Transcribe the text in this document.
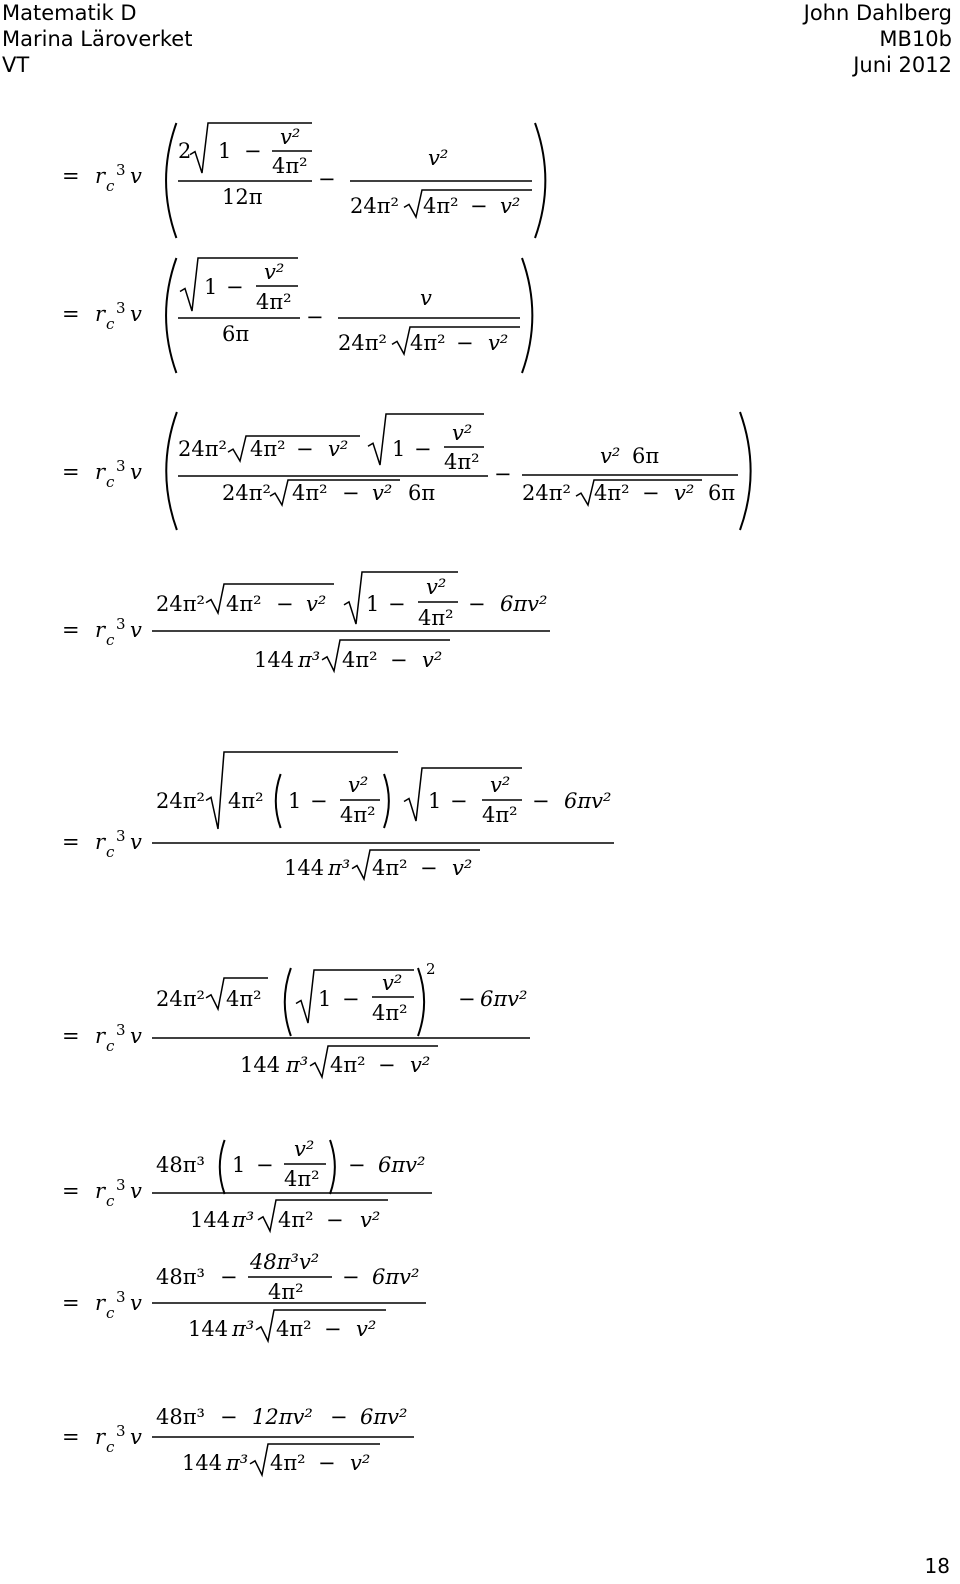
Matematik D
Marina Läroverket
VT
John Dahlberg
MB10b
Juni 2012
= r c
3 v
2 1 −
v²
4π²
12π
−
v²
24π² 4π² − v²
= r c
3 v
1 −
v²
4π²
6π
−
v
24π² 4π² − v²
= r c
3 v
24π² 4π² − v² 1 −
v²
4π²
24π² 4π² − v² 6π
−
v² 6π
24π² 4π² − v² 6π
= r c
3 v
24π² 4π² − v² 1 −
v²
4π²
− 6πv²
144 π³ 4π² − v²
= r c
3 v
24π² 4π² 1 −
v²
4π²
1 −
v²
4π²
− 6πv²
144 π³ 4π² − v²
= r c
3 v
24π² 4π²	1 −
v²
4π²
2
− 6πv²
144 π³ 4π² − v²
= r c
3 v
48π³ 1 −
v²
4π²
− 6πv²
144 π³ 4π² − v²
= r c
3 v
48π³ −
48π³v²
4π²
− 6πv²
144 π³ 4π² − v²
= r c
3 v
48π³ − 12πv² − 6πv²
144 π³ 4π² − v²
18
